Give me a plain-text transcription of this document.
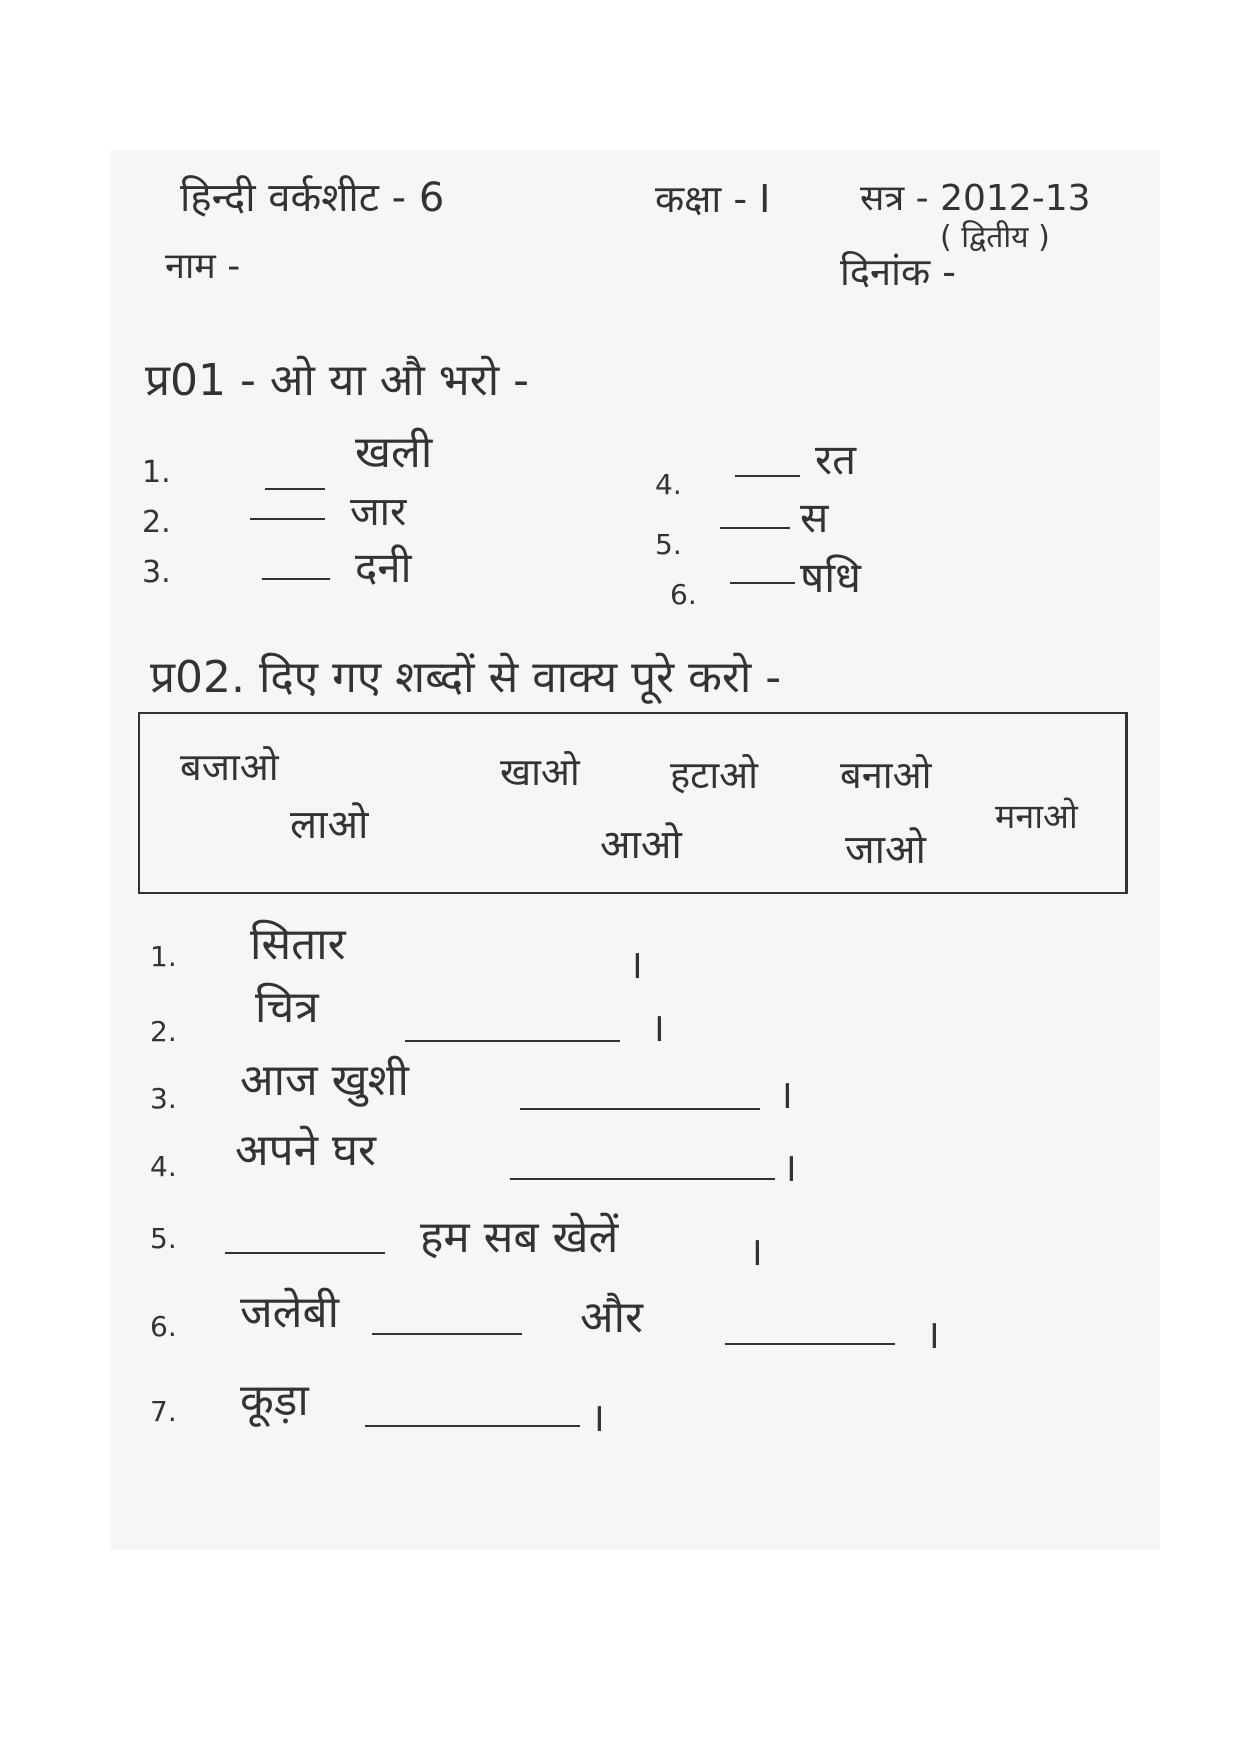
हिन्दी वर्कशीट - 6	कक्षा - I सत्र - 2012-13
( द्वितीय )
नाम -	दिनांक -
प्र01 - ओ या औ भरो -
1.	खली
2.	जार
3.	दनी
4.
रत
5.
स
6. षधि
प्र02. दिए गए शब्दों से वाक्य पूरे करो -
बजाओ	खाओ हटाओ बनाओ
लाओ	आओ	जाओ
मनाओ
1. सितार	।
2. चित्र	।
3. आज खुशी	।
4. अपने घर	।
5.	हम सब खेलें	।
6. जलेबी	और	।
7. कूड़ा	।
